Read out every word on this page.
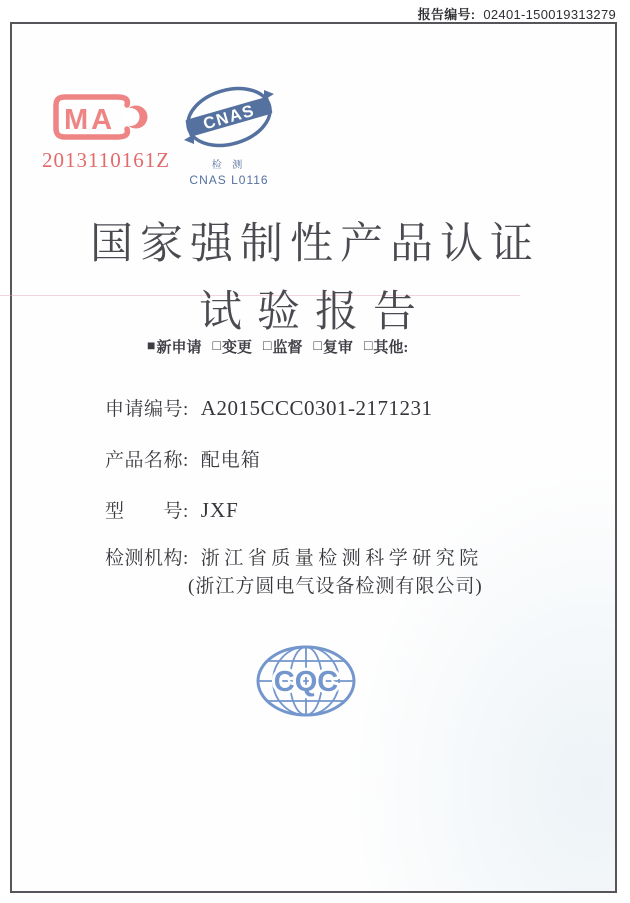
报告编号: 02401-150019313279
MA
2013110161Z
CNAS
检 测
CNAS L0116
国家强制性产品认证
试验报告
■ 新申请 □ 变更 □ 监督 □ 复审 □ 其他:
申请编号: A2015CCC0301-2171231
产品名称: 配电箱
型　　号: JXF
检测机构: 浙江省质量检测科学研究院
(浙江方圆电气设备检测有限公司)
CQC
